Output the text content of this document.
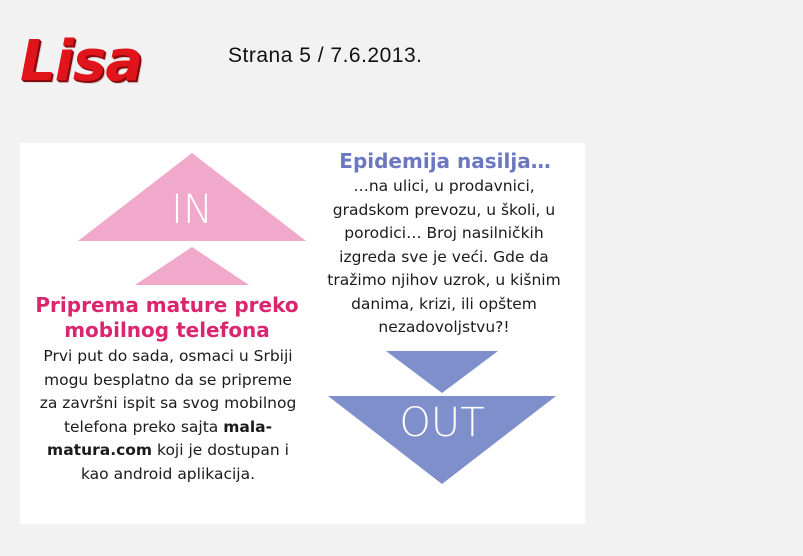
Lisa	Strana 5 / 7.6.2013.
IN
Priprema mature preko mobilnog telefona
Prvi put do sada, osmaci u Srbiji mogu besplatno da se pripreme za završni ispit sa svog mobilnog telefona preko sajta malamatura.com koji je dostupan i kao android aplikacija.
Epidemija nasilja…
…na ulici, u prodavnici, gradskom prevozu, u školi, u porodici… Broj nasilničkih izgreda sve je veći. Gde da tražimo njihov uzrok, u kišnim danima, krizi, ili opštem nezadovoljstvu?!
OUT
